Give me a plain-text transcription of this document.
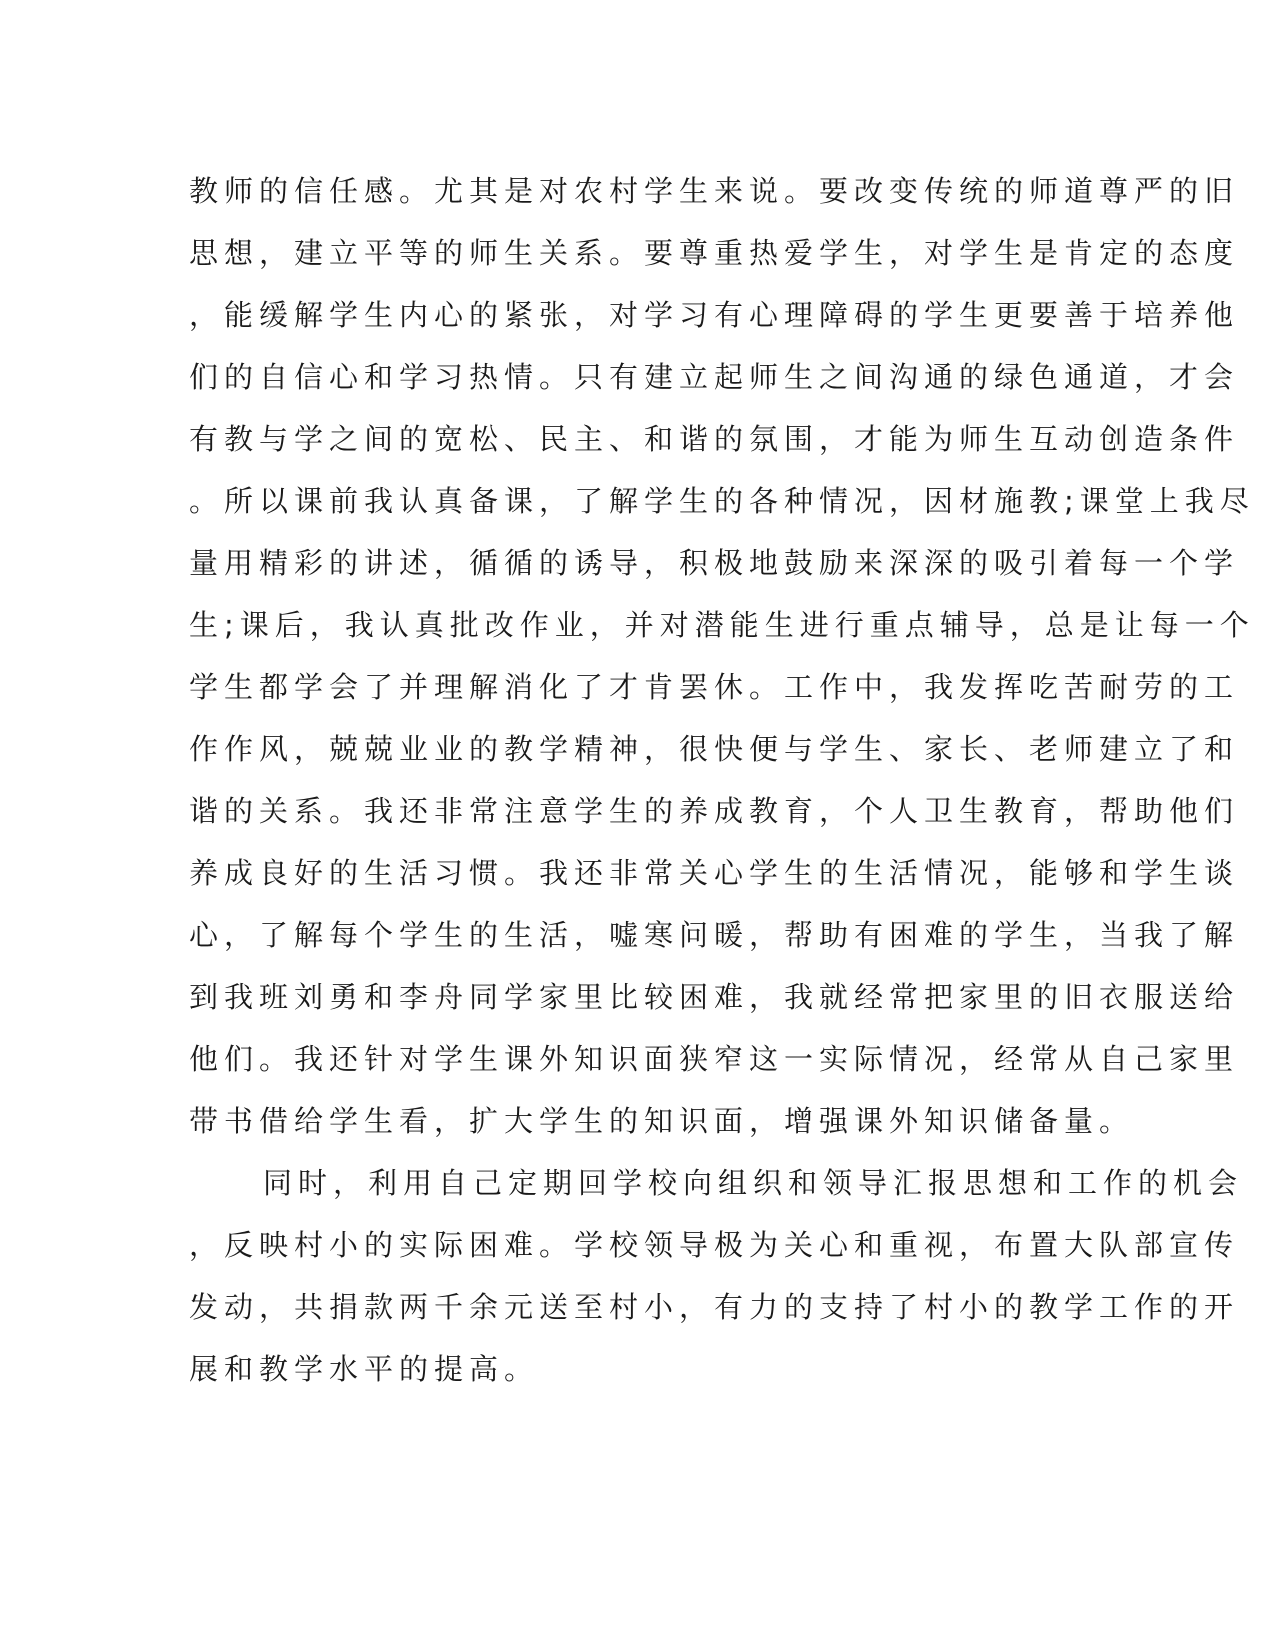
教师的信任感。尤其是对农村学生来说。要改变传统的师道尊严的旧
思想，建立平等的师生关系。要尊重热爱学生，对学生是肯定的态度
，能缓解学生内心的紧张，对学习有心理障碍的学生更要善于培养他
们的自信心和学习热情。只有建立起师生之间沟通的绿色通道，才会
有教与学之间的宽松、民主、和谐的氛围，才能为师生互动创造条件
。所以课前我认真备课，了解学生的各种情况，因材施教;课堂上我尽
量用精彩的讲述，循循的诱导，积极地鼓励来深深的吸引着每一个学
生;课后，我认真批改作业，并对潜能生进行重点辅导，总是让每一个
学生都学会了并理解消化了才肯罢休。工作中，我发挥吃苦耐劳的工
作作风，兢兢业业的教学精神，很快便与学生、家长、老师建立了和
谐的关系。我还非常注意学生的养成教育，个人卫生教育，帮助他们
养成良好的生活习惯。我还非常关心学生的生活情况，能够和学生谈
心，了解每个学生的生活，嘘寒问暖，帮助有困难的学生，当我了解
到我班刘勇和李舟同学家里比较困难，我就经常把家里的旧衣服送给
他们。我还针对学生课外知识面狭窄这一实际情况，经常从自己家里
带书借给学生看，扩大学生的知识面，增强课外知识储备量。
同时，利用自己定期回学校向组织和领导汇报思想和工作的机会
，反映村小的实际困难。学校领导极为关心和重视，布置大队部宣传
发动，共捐款两千余元送至村小，有力的支持了村小的教学工作的开
展和教学水平的提高。
